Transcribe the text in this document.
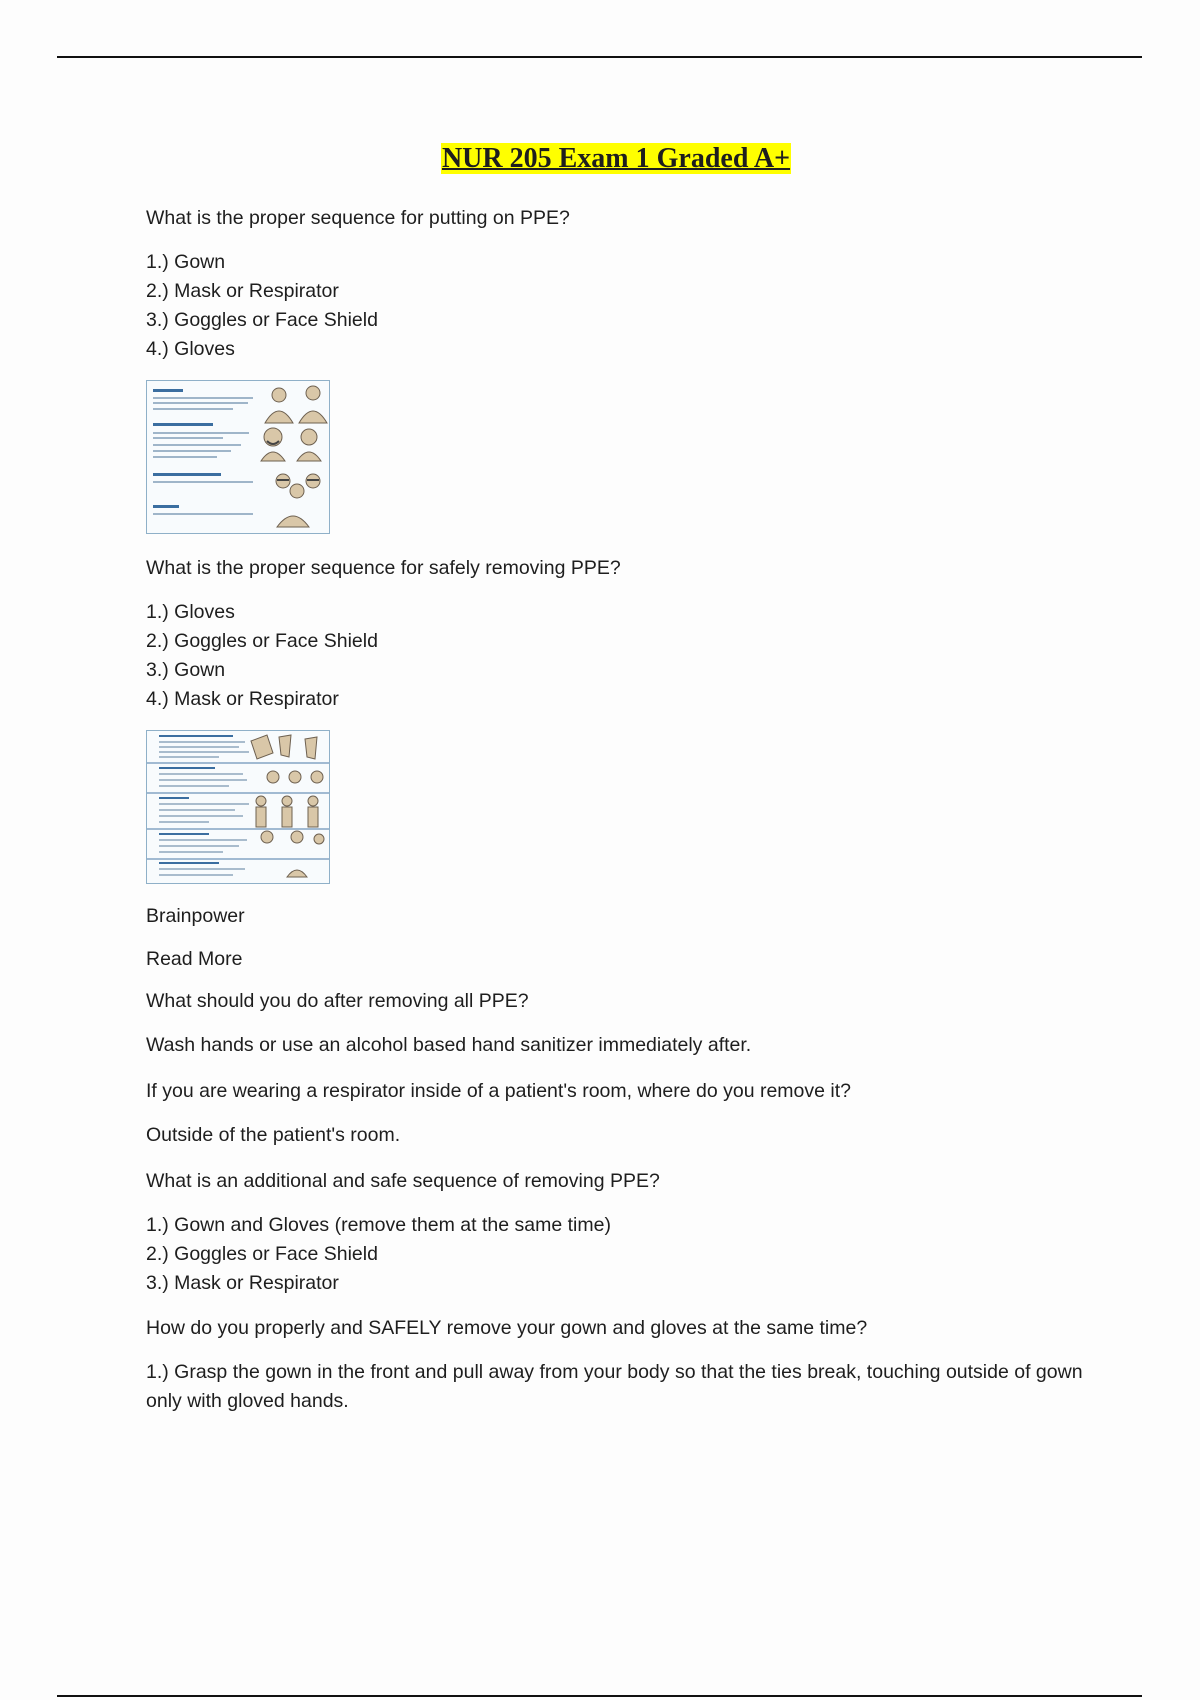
NUR 205 Exam 1 Graded A+

What is the proper sequence for putting on PPE?

1.) Gown
2.) Mask or Respirator
3.) Goggles or Face Shield
4.) Gloves

What is the proper sequence for safely removing PPE?

1.) Gloves
2.) Goggles or Face Shield
3.) Gown
4.) Mask or Respirator

Brainpower

Read More

What should you do after removing all PPE?

Wash hands or use an alcohol based hand sanitizer immediately after.

If you are wearing a respirator inside of a patient's room, where do you remove it?

Outside of the patient's room.

What is an additional and safe sequence of removing PPE?

1.) Gown and Gloves (remove them at the same time)
2.) Goggles or Face Shield
3.) Mask or Respirator

How do you properly and SAFELY remove your gown and gloves at the same time?

1.) Grasp the gown in the front and pull away from your body so that the ties break, touching outside of gown only with gloved hands.
